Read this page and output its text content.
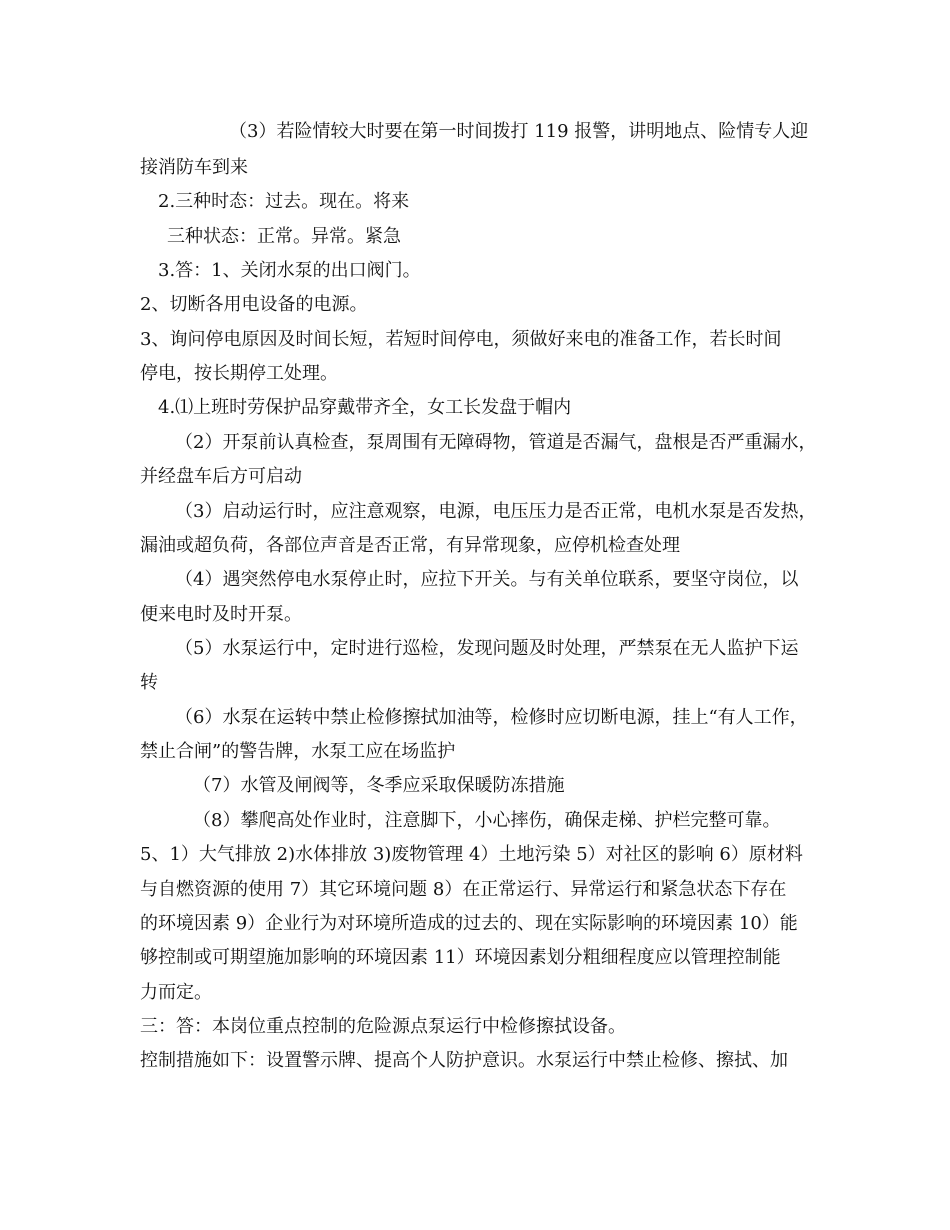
（3）若险情较大时要在第一时间拨打 119 报警，讲明地点、险情专人迎
接消防车到来
2.三种时态：过去。现在。将来
三种状态：正常。异常。紧急
3.答：1、关闭水泵的出口阀门。
2、切断各用电设备的电源。
3、询问停电原因及时间长短，若短时间停电，须做好来电的准备工作，若长时间
停电，按长期停工处理。
4.⑴上班时劳保护品穿戴带齐全，女工长发盘于帽内
（2）开泵前认真检查，泵周围有无障碍物，管道是否漏气，盘根是否严重漏水，
并经盘车后方可启动
（3）启动运行时，应注意观察，电源，电压压力是否正常，电机水泵是否发热，
漏油或超负荷，各部位声音是否正常，有异常现象，应停机检查处理
（4）遇突然停电水泵停止时，应拉下开关。与有关单位联系，要坚守岗位，以
便来电时及时开泵。
（5）水泵运行中，定时进行巡检，发现问题及时处理，严禁泵在无人监护下运
转
（6）水泵在运转中禁止检修擦拭加油等，检修时应切断电源，挂上“有人工作，
禁止合闸”的警告牌，水泵工应在场监护
（7）水管及闸阀等，冬季应采取保暖防冻措施
（8）攀爬高处作业时，注意脚下，小心摔伤，确保走梯、护栏完整可靠。
5、1）大气排放 2)水体排放 3)废物管理 4）土地污染 5）对社区的影响 6）原材料
与自燃资源的使用 7）其它环境问题 8）在正常运行、异常运行和紧急状态下存在
的环境因素 9）企业行为对环境所造成的过去的、现在实际影响的环境因素 10）能
够控制或可期望施加影响的环境因素 11）环境因素划分粗细程度应以管理控制能
力而定。
三：答：本岗位重点控制的危险源点泵运行中检修擦拭设备。
控制措施如下：设置警示牌、提高个人防护意识。水泵运行中禁止检修、擦拭、加
